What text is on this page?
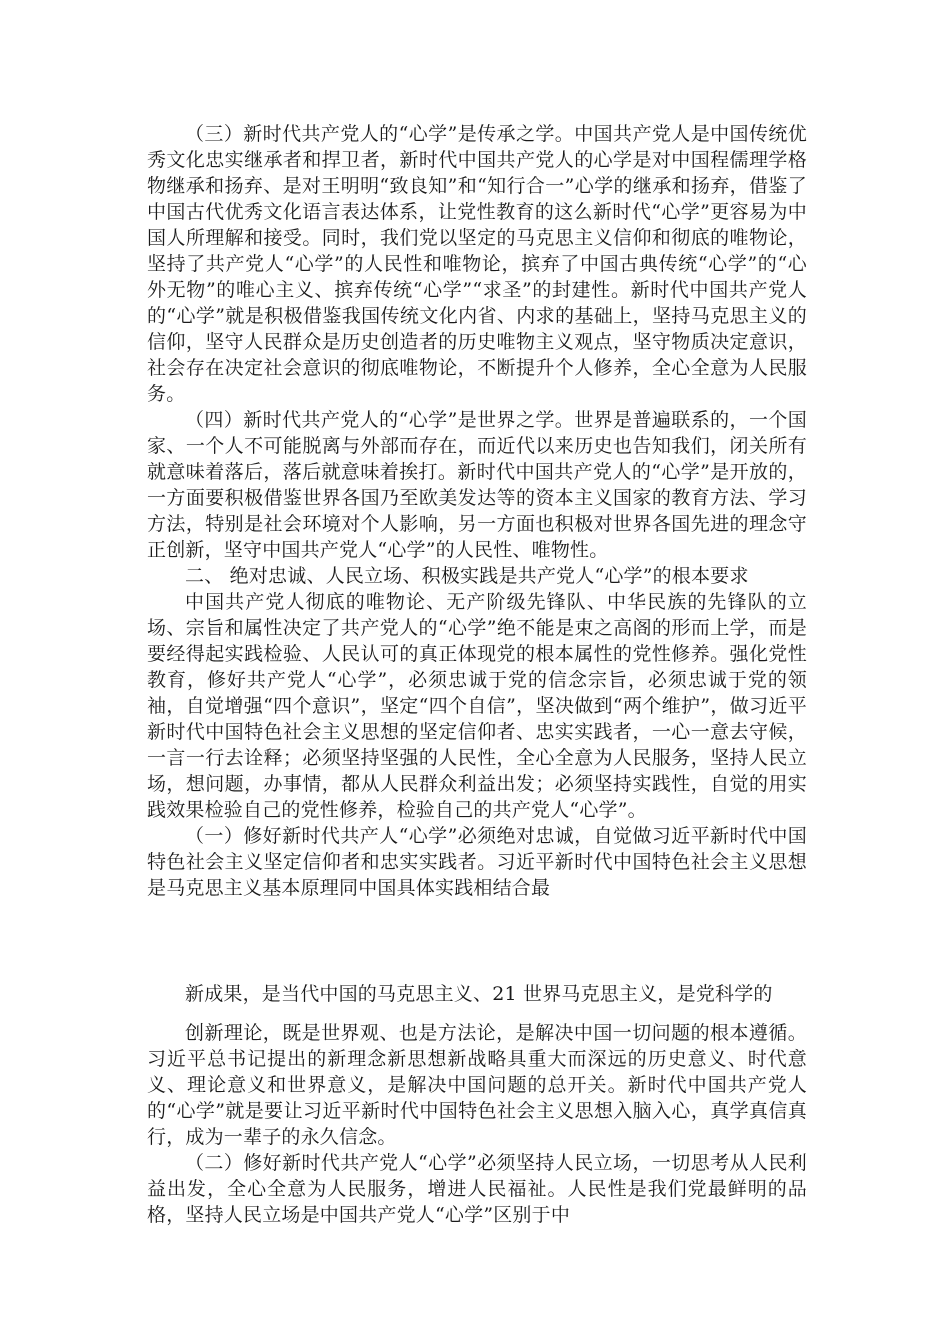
（三）新时代共产党人的“心学”是传承之学。中国共产党人是中国传统优秀文化忠实继承者和捍卫者，新时代中国共产党人的心学是对中国程儒理学格物继承和扬弃、是对王明明“致良知”和“知行合一”心学的继承和扬弃，借鉴了中国古代优秀文化语言表达体系，让党性教育的这么新时代“心学”更容易为中国人所理解和接受。同时，我们党以坚定的马克思主义信仰和彻底的唯物论，坚持了共产党人“心学”的人民性和唯物论，摈弃了中国古典传统“心学”的“心外无物”的唯心主义、摈弃传统“心学”“求圣”的封建性。新时代中国共产党人的“心学”就是积极借鉴我国传统文化内省、内求的基础上，坚持马克思主义的信仰，坚守人民群众是历史创造者的历史唯物主义观点，坚守物质决定意识，社会存在决定社会意识的彻底唯物论，不断提升个人修养，全心全意为人民服务。

（四）新时代共产党人的“心学”是世界之学。世界是普遍联系的，一个国家、一个人不可能脱离与外部而存在，而近代以来历史也告知我们，闭关所有就意味着落后，落后就意味着挨打。新时代中国共产党人的“心学”是开放的，一方面要积极借鉴世界各国乃至欧美发达等的资本主义国家的教育方法、学习方法，特别是社会环境对个人影响，另一方面也积极对世界各国先进的理念守正创新，坚守中国共产党人“心学”的人民性、唯物性。

二、 绝对忠诚、人民立场、积极实践是共产党人“心学”的根本要求

中国共产党人彻底的唯物论、无产阶级先锋队、中华民族的先锋队的立场、宗旨和属性决定了共产党人的“心学”绝不能是束之高阁的形而上学，而是要经得起实践检验、人民认可的真正体现党的根本属性的党性修养。强化党性教育，修好共产党人“心学”，必须忠诚于党的信念宗旨，必须忠诚于党的领袖，自觉增强“四个意识”，坚定“四个自信”，坚决做到“两个维护”，做习近平新时代中国特色社会主义思想的坚定信仰者、忠实实践者，一心一意去守候，一言一行去诠释；必须坚持坚强的人民性，全心全意为人民服务，坚持人民立场，想问题，办事情，都从人民群众利益出发；必须坚持实践性，自觉的用实践效果检验自己的党性修养，检验自己的共产党人“心学”。

（一）修好新时代共产人“心学”必须绝对忠诚，自觉做习近平新时代中国特色社会主义坚定信仰者和忠实实践者。习近平新时代中国特色社会主义思想是马克思主义基本原理同中国具体实践相结合最

新成果，是当代中国的马克思主义、21 世界马克思主义，是党科学的

创新理论，既是世界观、也是方法论，是解决中国一切问题的根本遵循。习近平总书记提出的新理念新思想新战略具重大而深远的历史意义、时代意义、理论意义和世界意义，是解决中国问题的总开关。新时代中国共产党人的“心学”就是要让习近平新时代中国特色社会主义思想入脑入心，真学真信真行，成为一辈子的永久信念。

（二）修好新时代共产党人“心学”必须坚持人民立场，一切思考从人民利益出发，全心全意为人民服务，增进人民福祉。人民性是我们党最鲜明的品格，坚持人民立场是中国共产党人“心学”区别于中
